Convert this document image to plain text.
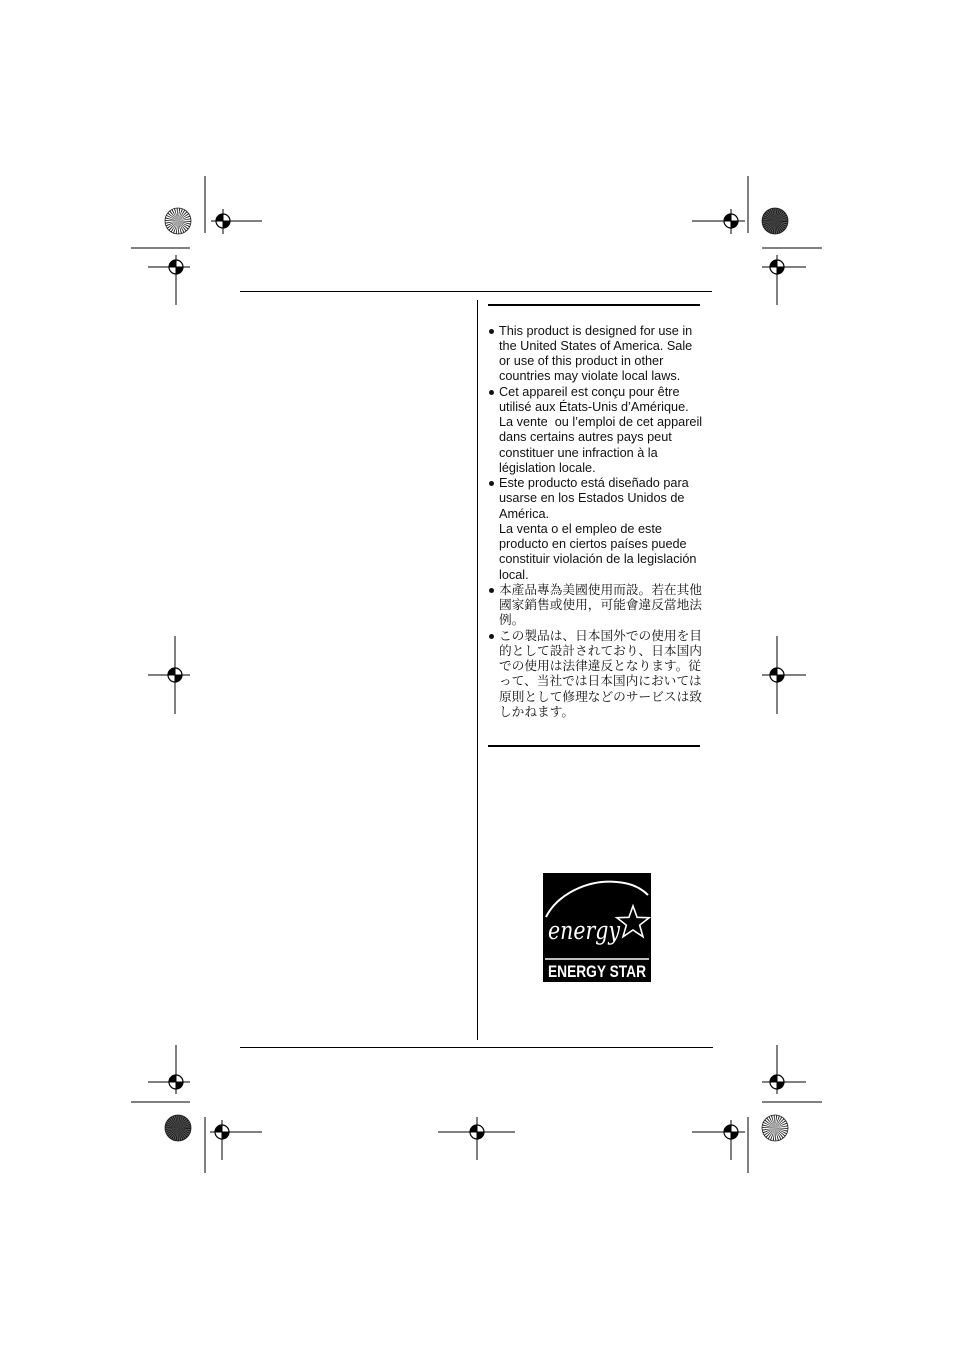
This product is designed for use in
the United States of America. Sale
or use of this product in other
countries may violate local laws.
Cet appareil est conçu pour être
utilisé aux États-Unis d’Amérique.
La vente  ou l’emploi de cet appareil
dans certains autres pays peut
constituer une infraction à la
législation locale.
Este producto está diseñado para
usarse en los Estados Unidos de
América.
La venta o el empleo de este
producto en ciertos países puede
constituir violación de la legislación
local.
本產品專為美國使用而設。若在其他
國家銷售或使用，可能會違反當地法
例。
この製品は、日本国外での使用を目
的として設計されており、日本国内
での使用は法律違反となります。従
って、当社では日本国内においては
原則として修理などのサービスは致
しかねます。
energy
ENERGY STAR
